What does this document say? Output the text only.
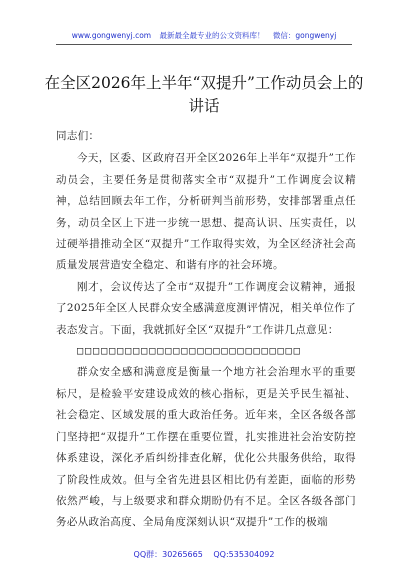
www.gongwenyj.com 最新最全最专业的公文资料库！ 微信：gongwenyj
在全区2026年上半年“双提升”工作动员会上的讲话

同志们：

今天，区委、区政府召开全区2026年上半年“双提升”工作动员会，主要任务是贯彻落实全市“双提升”工作调度会议精神，总结回顾去年工作，分析研判当前形势，安排部署重点任务，动员全区上下进一步统一思想、提高认识、压实责任，以过硬举措推动全区“双提升”工作取得实效，为全区经济社会高质量发展营造安全稳定、和谐有序的社会环境。

刚才，会议传达了全市“双提升”工作调度会议精神，通报了2025年全区人民群众安全感满意度测评情况，相关单位作了表态发言。下面，我就抓好全区“双提升”工作讲几点意见：

□□□□□□□□□□□□□□□□□□□□□□□□□□□□

群众安全感和满意度是衡量一个地方社会治理水平的重要标尺，是检验平安建设成效的核心指标，更是关乎民生福祉、社会稳定、区域发展的重大政治任务。近年来，全区各级各部门坚持把“双提升”工作摆在重要位置，扎实推进社会治安防控体系建设，深化矛盾纠纷排查化解，优化公共服务供给，取得了阶段性成效。但与全省先进县区相比仍有差距，面临的形势依然严峻，与上级要求和群众期盼仍有不足。全区各级各部门务必从政治高度、全局角度深刻认识“双提升”工作的极端

QQ群：30265665 QQ:535304092
